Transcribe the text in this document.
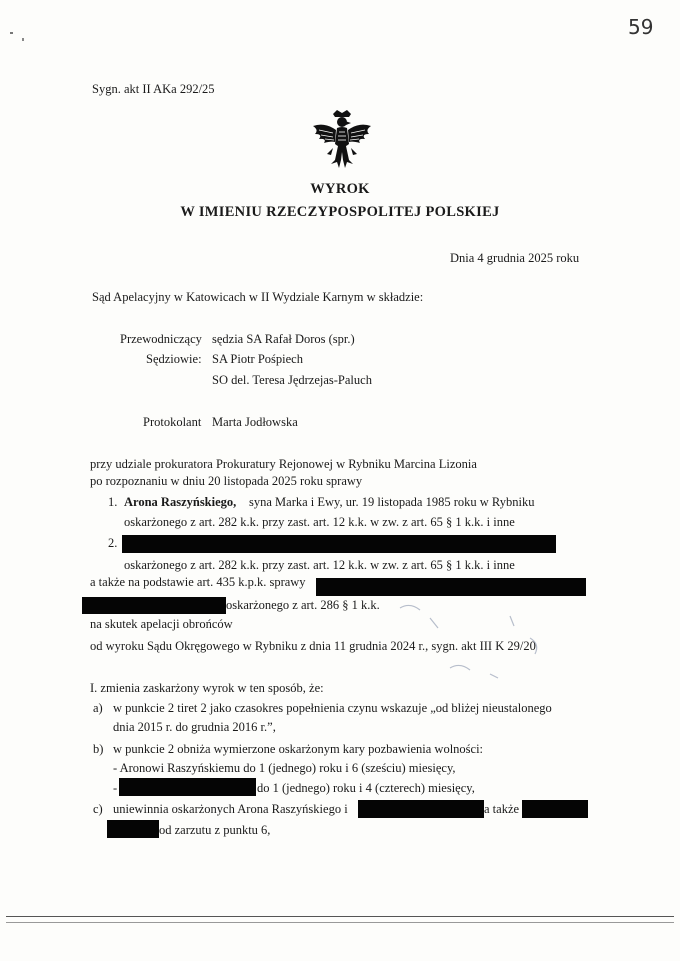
59
Sygn. akt II AKa 292/25
WYROK
W IMIENIU RZECZYPOSPOLITEJ POLSKIEJ
Dnia 4 grudnia 2025 roku
Sąd Apelacyjny w Katowicach w II Wydziale Karnym w składzie:
Przewodniczący sędzia SA Rafał Doros (spr.)
Sędziowie: SA Piotr Pośpiech
SO del. Teresa Jędrzejas-Paluch
Protokolant Marta Jodłowska
przy udziale prokuratora Prokuratury Rejonowej w Rybniku Marcina Lizonia
po rozpoznaniu w dniu 20 listopada 2025 roku sprawy
1. Arona Raszyńskiego, syna Marka i Ewy, ur. 19 listopada 1985 roku w Rybniku
oskarżonego z art. 282 k.k. przy zast. art. 12 k.k. w zw. z art. 65 § 1 k.k. i inne
2.
oskarżonego z art. 282 k.k. przy zast. art. 12 k.k. w zw. z art. 65 § 1 k.k. i inne
a także na podstawie art. 435 k.p.k. sprawy
oskarżonego z art. 286 § 1 k.k.
na skutek apelacji obrońców
od wyroku Sądu Okręgowego w Rybniku z dnia 11 grudnia 2024 r., sygn. akt III K 29/20
I. zmienia zaskarżony wyrok w ten sposób, że:
a) w punkcie 2 tiret 2 jako czasokres popełnienia czynu wskazuje „od bliżej nieustalonego
dnia 2015 r. do grudnia 2016 r.”,
b) w punkcie 2 obniża wymierzone oskarżonym kary pozbawienia wolności:
- Aronowi Raszyńskiemu do 1 (jednego) roku i 6 (sześciu) miesięcy,
-	do 1 (jednego) roku i 4 (czterech) miesięcy,
c) uniewinnia oskarżonych Arona Raszyńskiego i	a także
od zarzutu z punktu 6,
